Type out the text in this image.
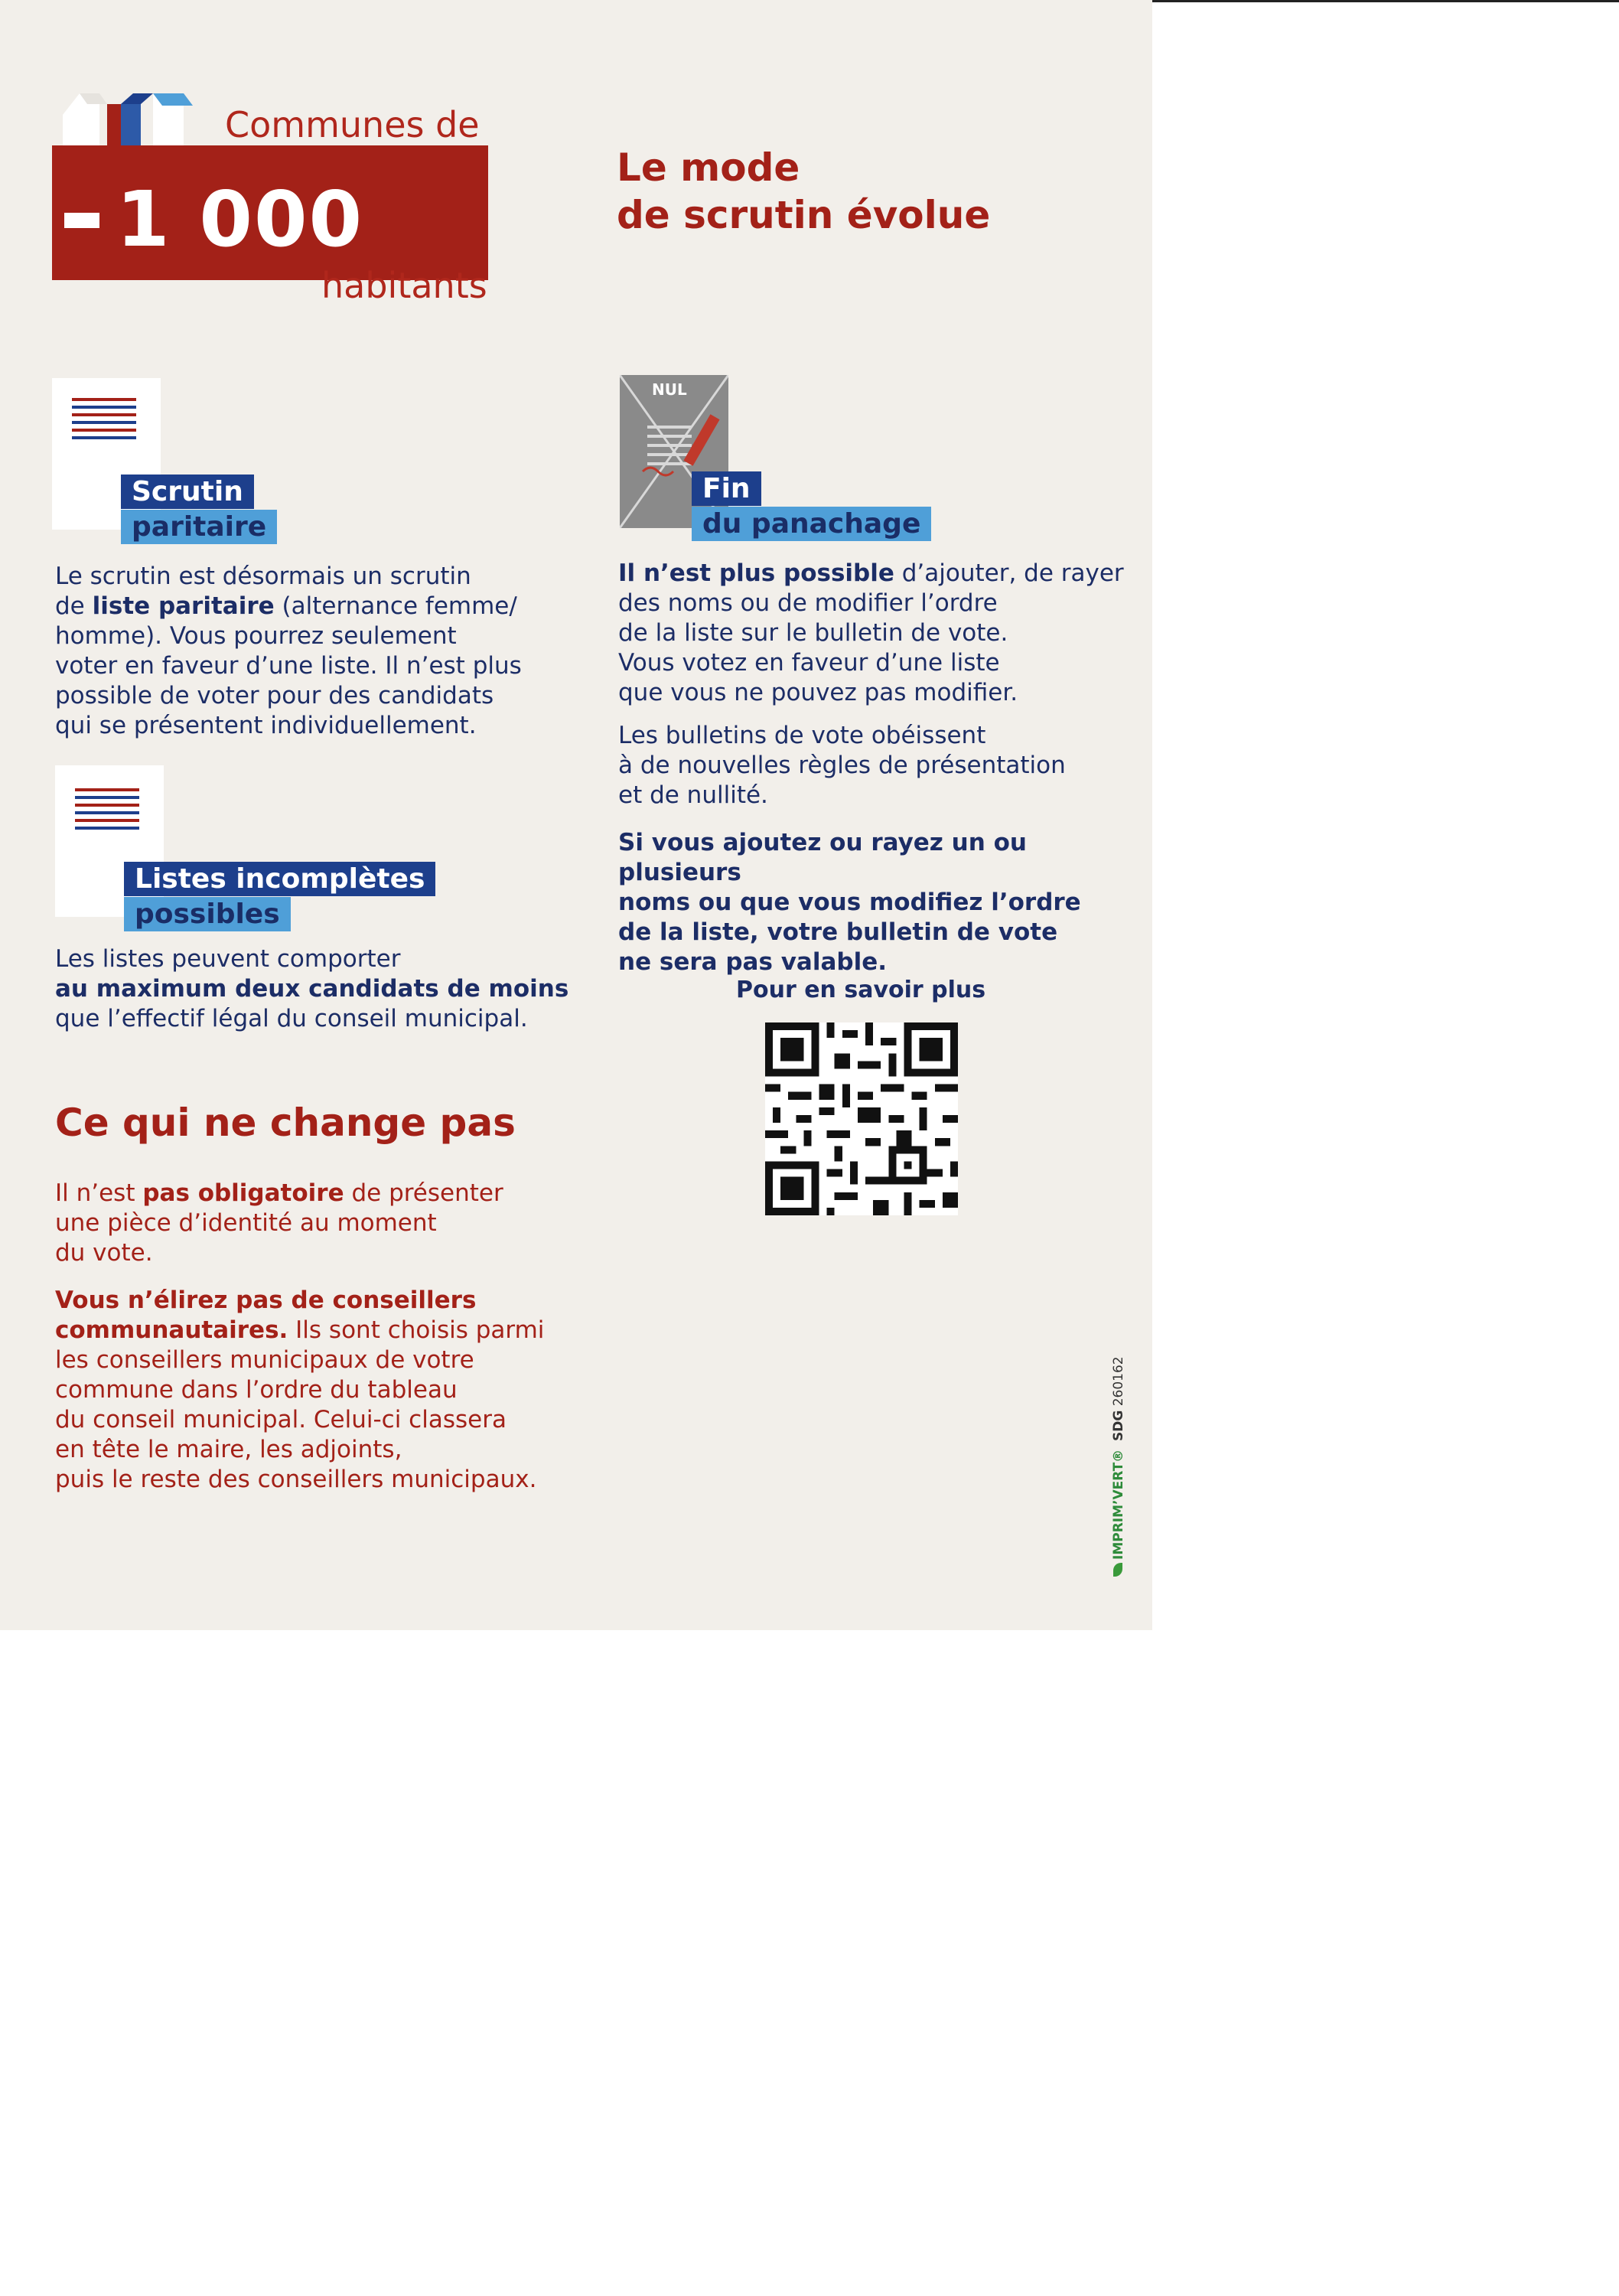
1 000
Communes de
habitants
Le mode
de scrutin évolue
Scrutin
paritaire
Le scrutin est désormais un scrutin
de liste paritaire (alternance femme/
homme). Vous pourrez seulement
voter en faveur d’une liste. Il n’est plus
possible de voter pour des candidats
qui se présentent individuellement.
Listes incomplètes
possibles
Les listes peuvent comporter
au maximum deux candidats de moins
que l’effectif légal du conseil municipal.
Ce qui ne change pas
Il n’est pas obligatoire de présenter
une pièce d’identité au moment
du vote.
Vous n’élirez pas de conseillers
communautaires. Ils sont choisis parmi
les conseillers municipaux de votre
commune dans l’ordre du tableau
du conseil municipal. Celui-ci classera
en tête le maire, les adjoints,
puis le reste des conseillers municipaux.
NUL
Fin
du panachage
Il n’est plus possible d’ajouter, de rayer
des noms ou de modifier l’ordre
de la liste sur le bulletin de vote.
Vous votez en faveur d’une liste
que vous ne pouvez pas modifier.
Les bulletins de vote obéissent
à de nouvelles règles de présentation
et de nullité.
Si vous ajoutez ou rayez un ou plusieurs
noms ou que vous modifiez l’ordre
de la liste, votre bulletin de vote
ne sera pas valable.
Pour en savoir plus
IMPRIM’VERT®  SDG 260162
